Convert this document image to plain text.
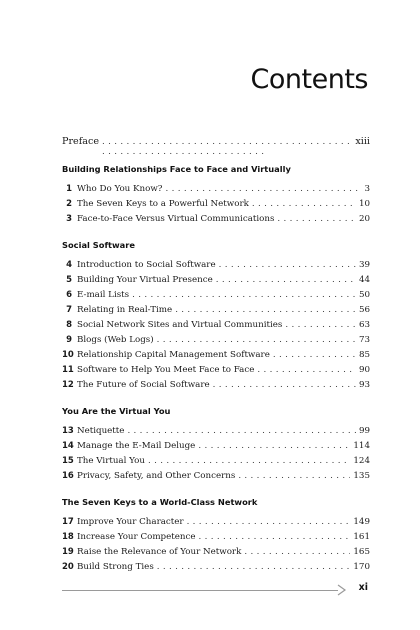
Contents
Preface . . .	xiii
Building Relationships Face to Face and Virtually
1 Who Do You Know? . . .	3
2 The Seven Keys to a Powerful Network . . .	10
3 Face-to-Face Versus Virtual Communications . . .	20
Social Software
4 Introduction to Social Software . . .	39
5 Building Your Virtual Presence . . .	44
6 E-mail Lists . . .	50
7 Relating in Real-Time . . .	56
8 Social Network Sites and Virtual Communities . . .	63
9 Blogs (Web Logs) . . .	73
10 Relationship Capital Management Software . . .	85
11 Software to Help You Meet Face to Face . . .	90
12 The Future of Social Software . . .	93
You Are the Virtual You
13 Netiquette . . .	99
14 Manage the E-Mail Deluge . . .	114
15 The Virtual You . . .	124
16 Privacy, Safety, and Other Concerns . . .	135
The Seven Keys to a World-Class Network
17 Improve Your Character . . .	149
18 Increase Your Competence . . .	161
19 Raise the Relevance of Your Network . . .	165
20 Build Strong Ties . . .	170
xi
